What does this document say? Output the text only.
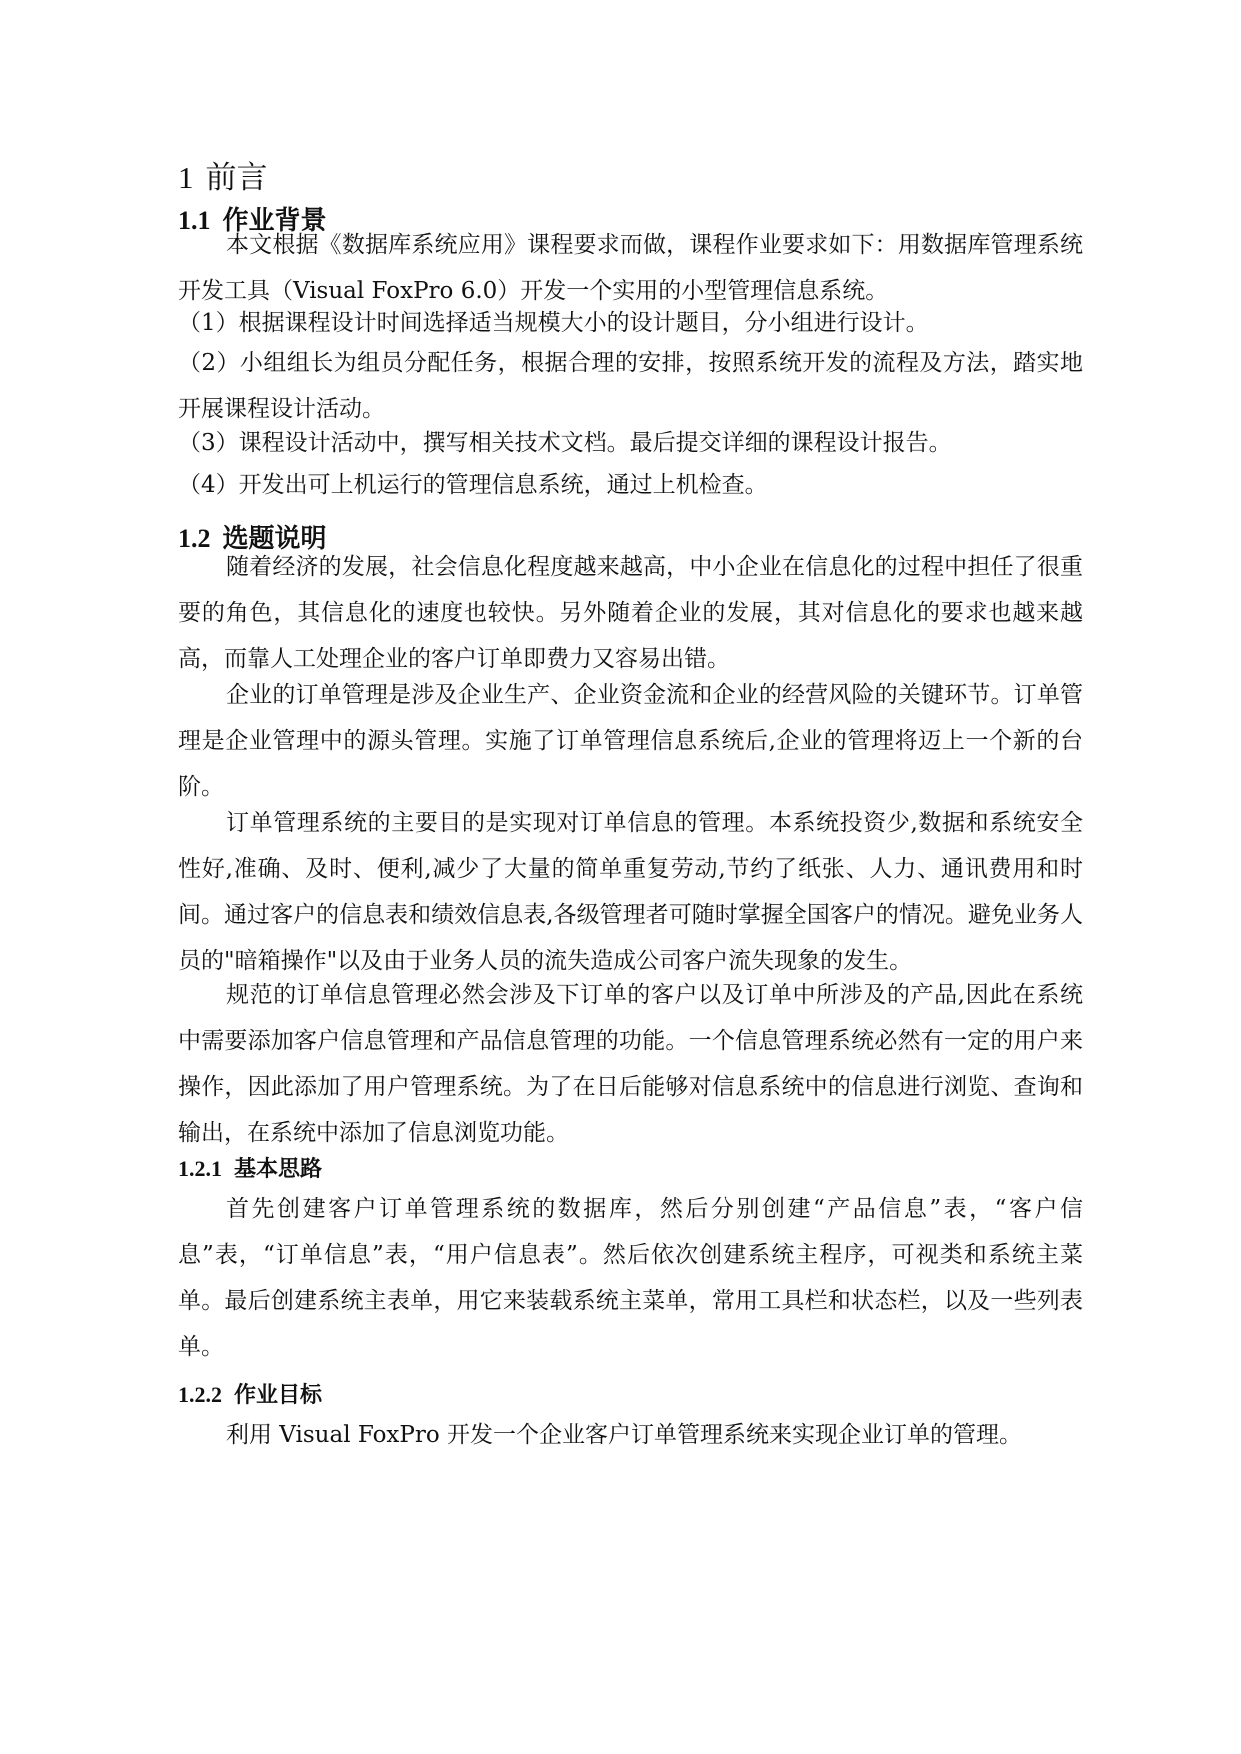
1 前言
1.1 作业背景

本文根据《数据库系统应用》课程要求而做，课程作业要求如下：用数据库管理系统开发工具（Visual FoxPro 6.0）开发一个实用的小型管理信息系统。

（1）根据课程设计时间选择适当规模大小的设计题目，分小组进行设计。

（2）小组组长为组员分配任务，根据合理的安排，按照系统开发的流程及方法，踏实地开展课程设计活动。

（3）课程设计活动中，撰写相关技术文档。最后提交详细的课程设计报告。

（4）开发出可上机运行的管理信息系统，通过上机检查。

1.2 选题说明

随着经济的发展，社会信息化程度越来越高，中小企业在信息化的过程中担任了很重要的角色，其信息化的速度也较快。另外随着企业的发展，其对信息化的要求也越来越高，而靠人工处理企业的客户订单即费力又容易出错。

企业的订单管理是涉及企业生产、企业资金流和企业的经营风险的关键环节。订单管理是企业管理中的源头管理。实施了订单管理信息系统后,企业的管理将迈上一个新的台阶。

订单管理系统的主要目的是实现对订单信息的管理。本系统投资少,数据和系统安全性好,准确、及时、便利,减少了大量的简单重复劳动,节约了纸张、人力、通讯费用和时间。通过客户的信息表和绩效信息表,各级管理者可随时掌握全国客户的情况。避免业务人员的"暗箱操作"以及由于业务人员的流失造成公司客户流失现象的发生。

规范的订单信息管理必然会涉及下订单的客户以及订单中所涉及的产品,因此在系统中需要添加客户信息管理和产品信息管理的功能。一个信息管理系统必然有一定的用户来操作，因此添加了用户管理系统。为了在日后能够对信息系统中的信息进行浏览、查询和输出，在系统中添加了信息浏览功能。

1.2.1 基本思路

首先创建客户订单管理系统的数据库，然后分别创建“产品信息”表，“客户信息”表，“订单信息”表，“用户信息表”。然后依次创建系统主程序，可视类和系统主菜单。最后创建系统主表单，用它来装载系统主菜单，常用工具栏和状态栏，以及一些列表单。

1.2.2 作业目标

利用 Visual FoxPro 开发一个企业客户订单管理系统来实现企业订单的管理。
